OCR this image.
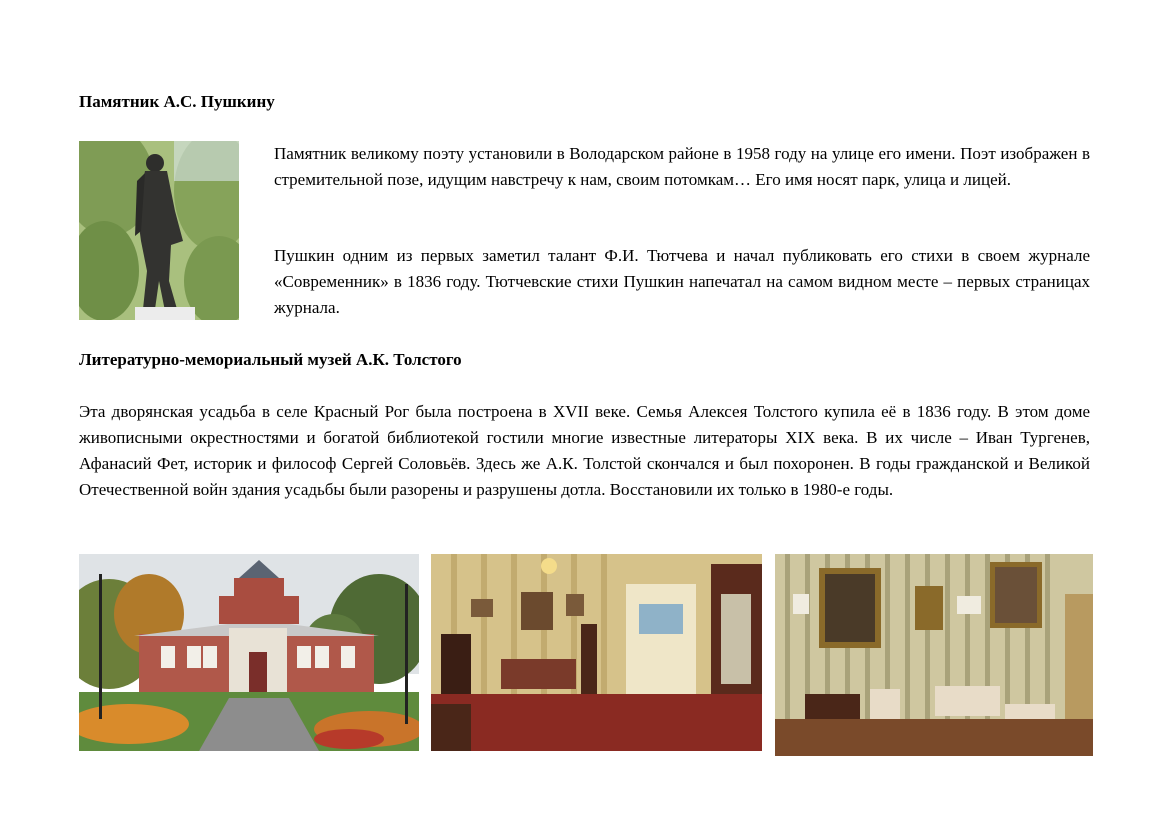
Памятник А.С. Пушкину

Памятник великому поэту установили в Володарском районе в 1958 году на улице его имени. Поэт изображен в стремительной позе, идущим навстречу к нам, своим потомкам… Его имя носят парк, улица и лицей.

Пушкин одним из первых заметил талант Ф.И. Тютчева и начал публиковать его стихи в своем журнале «Современник» в 1836 году. Тютчевские стихи Пушкин напечатал на самом видном месте – первых страницах журнала.

Литературно-мемориальный музей А.К. Толстого

Эта дворянская усадьба в селе Красный Рог была построена в XVII веке. Семья Алексея Толстого купила её в 1836 году. В этом доме живописными окрестностями и богатой библиотекой гостили многие известные литераторы XIX века. В их числе – Иван Тургенев, Афанасий Фет, историк и философ Сергей Соловьёв. Здесь же А.К. Толстой скончался и был похоронен. В годы гражданской и Великой Отечественной войн здания усадьбы были разорены и разрушены дотла. Восстановили их только в 1980-е годы.
